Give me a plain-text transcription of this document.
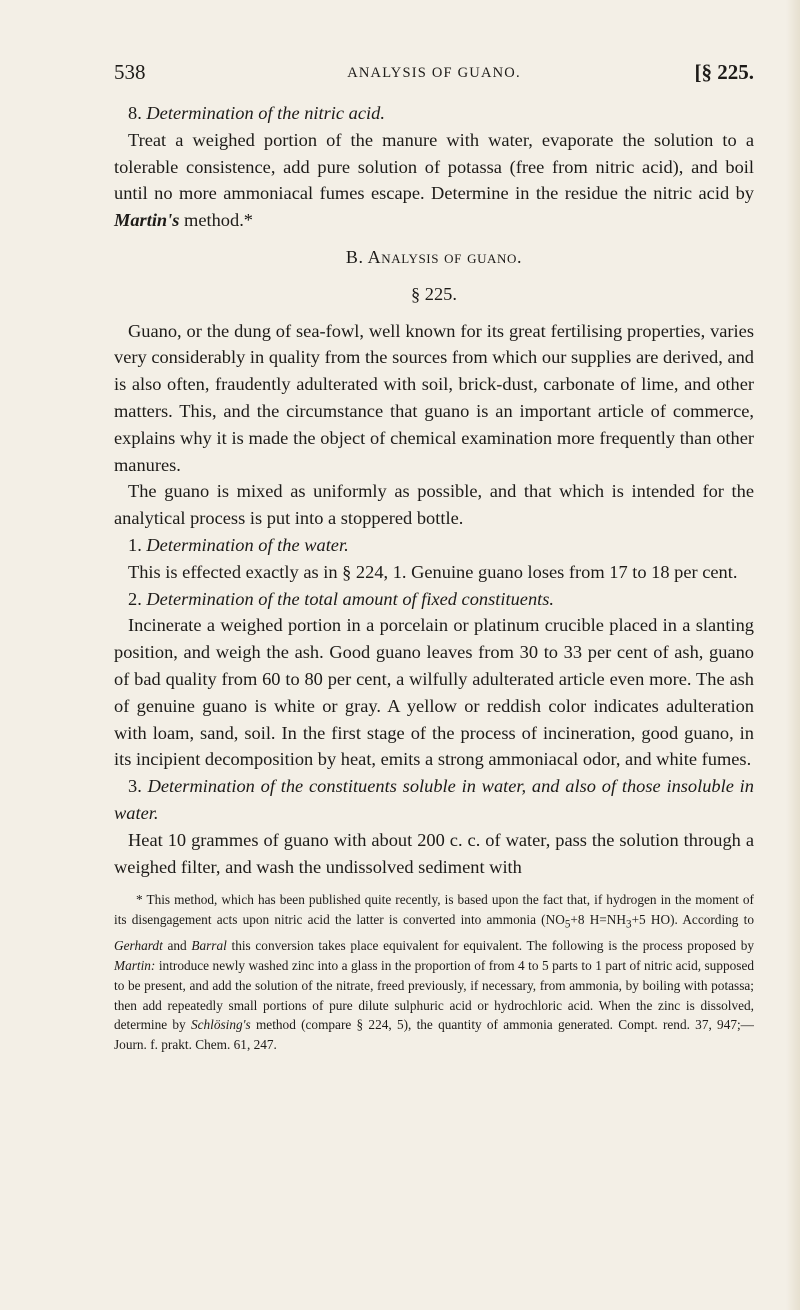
538	ANALYSIS OF GUANO.	[§ 225.

8. Determination of the nitric acid.

Treat a weighed portion of the manure with water, evaporate the solution to a tolerable consistence, add pure solution of potassa (free from nitric acid), and boil until no more ammoniacal fumes escape. Determine in the residue the nitric acid by Martin's method.*

B. Analysis of guano.

§ 225.

Guano, or the dung of sea-fowl, well known for its great fertilising properties, varies very considerably in quality from the sources from which our supplies are derived, and is also often, fraudently adulterated with soil, brick-dust, carbonate of lime, and other matters. This, and the circumstance that guano is an important article of commerce, explains why it is made the object of chemical examination more frequently than other manures.

The guano is mixed as uniformly as possible, and that which is intended for the analytical process is put into a stoppered bottle.

1. Determination of the water.

This is effected exactly as in § 224, 1. Genuine guano loses from 17 to 18 per cent.

2. Determination of the total amount of fixed constituents.

Incinerate a weighed portion in a porcelain or platinum crucible placed in a slanting position, and weigh the ash. Good guano leaves from 30 to 33 per cent of ash, guano of bad quality from 60 to 80 per cent, a wilfully adulterated article even more. The ash of genuine guano is white or gray. A yellow or reddish color indicates adulteration with loam, sand, soil. In the first stage of the process of incineration, good guano, in its incipient decomposition by heat, emits a strong ammoniacal odor, and white fumes.

3. Determination of the constituents soluble in water, and also of those insoluble in water.

Heat 10 grammes of guano with about 200 c. c. of water, pass the solution through a weighed filter, and wash the undissolved sediment with

* This method, which has been published quite recently, is based upon the fact that, if hydrogen in the moment of its disengagement acts upon nitric acid the latter is converted into ammonia ($NO_5+8$ $H=NH_3+5$ HO). According to Gerhardt and Barral this conversion takes place equivalent for equivalent. The following is the process proposed by Martin: introduce newly washed zinc into a glass in the proportion of from 4 to 5 parts to 1 part of nitric acid, supposed to be present, and add the solution of the nitrate, freed previously, if necessary, from ammonia, by boiling with potassa; then add repeatedly small portions of pure dilute sulphuric acid or hydrochloric acid. When the zinc is dissolved, determine by Schlösing's method (compare § 224, 5), the quantity of ammonia generated. Compt. rend. 37, 947;—Journ. f. prakt. Chem. 61, 247.
